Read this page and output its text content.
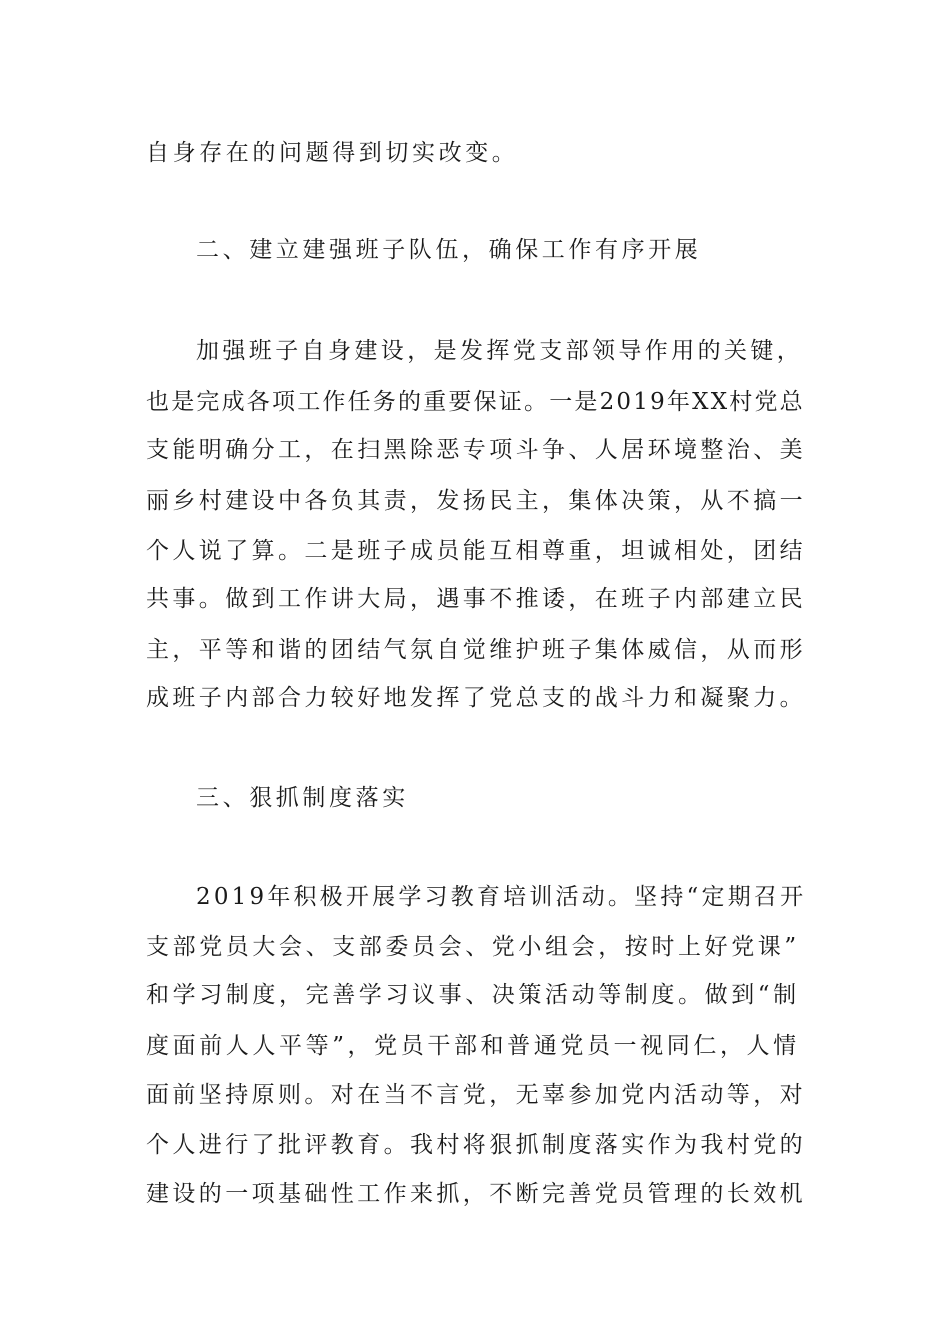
自身存在的问题得到切实改变。
二、建立建强班子队伍，确保工作有序开展
加强班子自身建设，是发挥党支部领导作用的关键，
也是完成各项工作任务的重要保证。一是2019年XX村党总
支能明确分工，在扫黑除恶专项斗争、人居环境整治、美
丽乡村建设中各负其责，发扬民主，集体决策，从不搞一
个人说了算。二是班子成员能互相尊重，坦诚相处，团结
共事。做到工作讲大局，遇事不推诿，在班子内部建立民
主，平等和谐的团结气氛自觉维护班子集体威信，从而形
成班子内部合力较好地发挥了党总支的战斗力和凝聚力。
三、狠抓制度落实
2019年积极开展学习教育培训活动。坚持“定期召开
支部党员大会、支部委员会、党小组会，按时上好党课”
和学习制度，完善学习议事、决策活动等制度。做到“制
度面前人人平等”，党员干部和普通党员一视同仁，人情
面前坚持原则。对在当不言党，无辜参加党内活动等，对
个人进行了批评教育。我村将狠抓制度落实作为我村党的
建设的一项基础性工作来抓，不断完善党员管理的长效机
